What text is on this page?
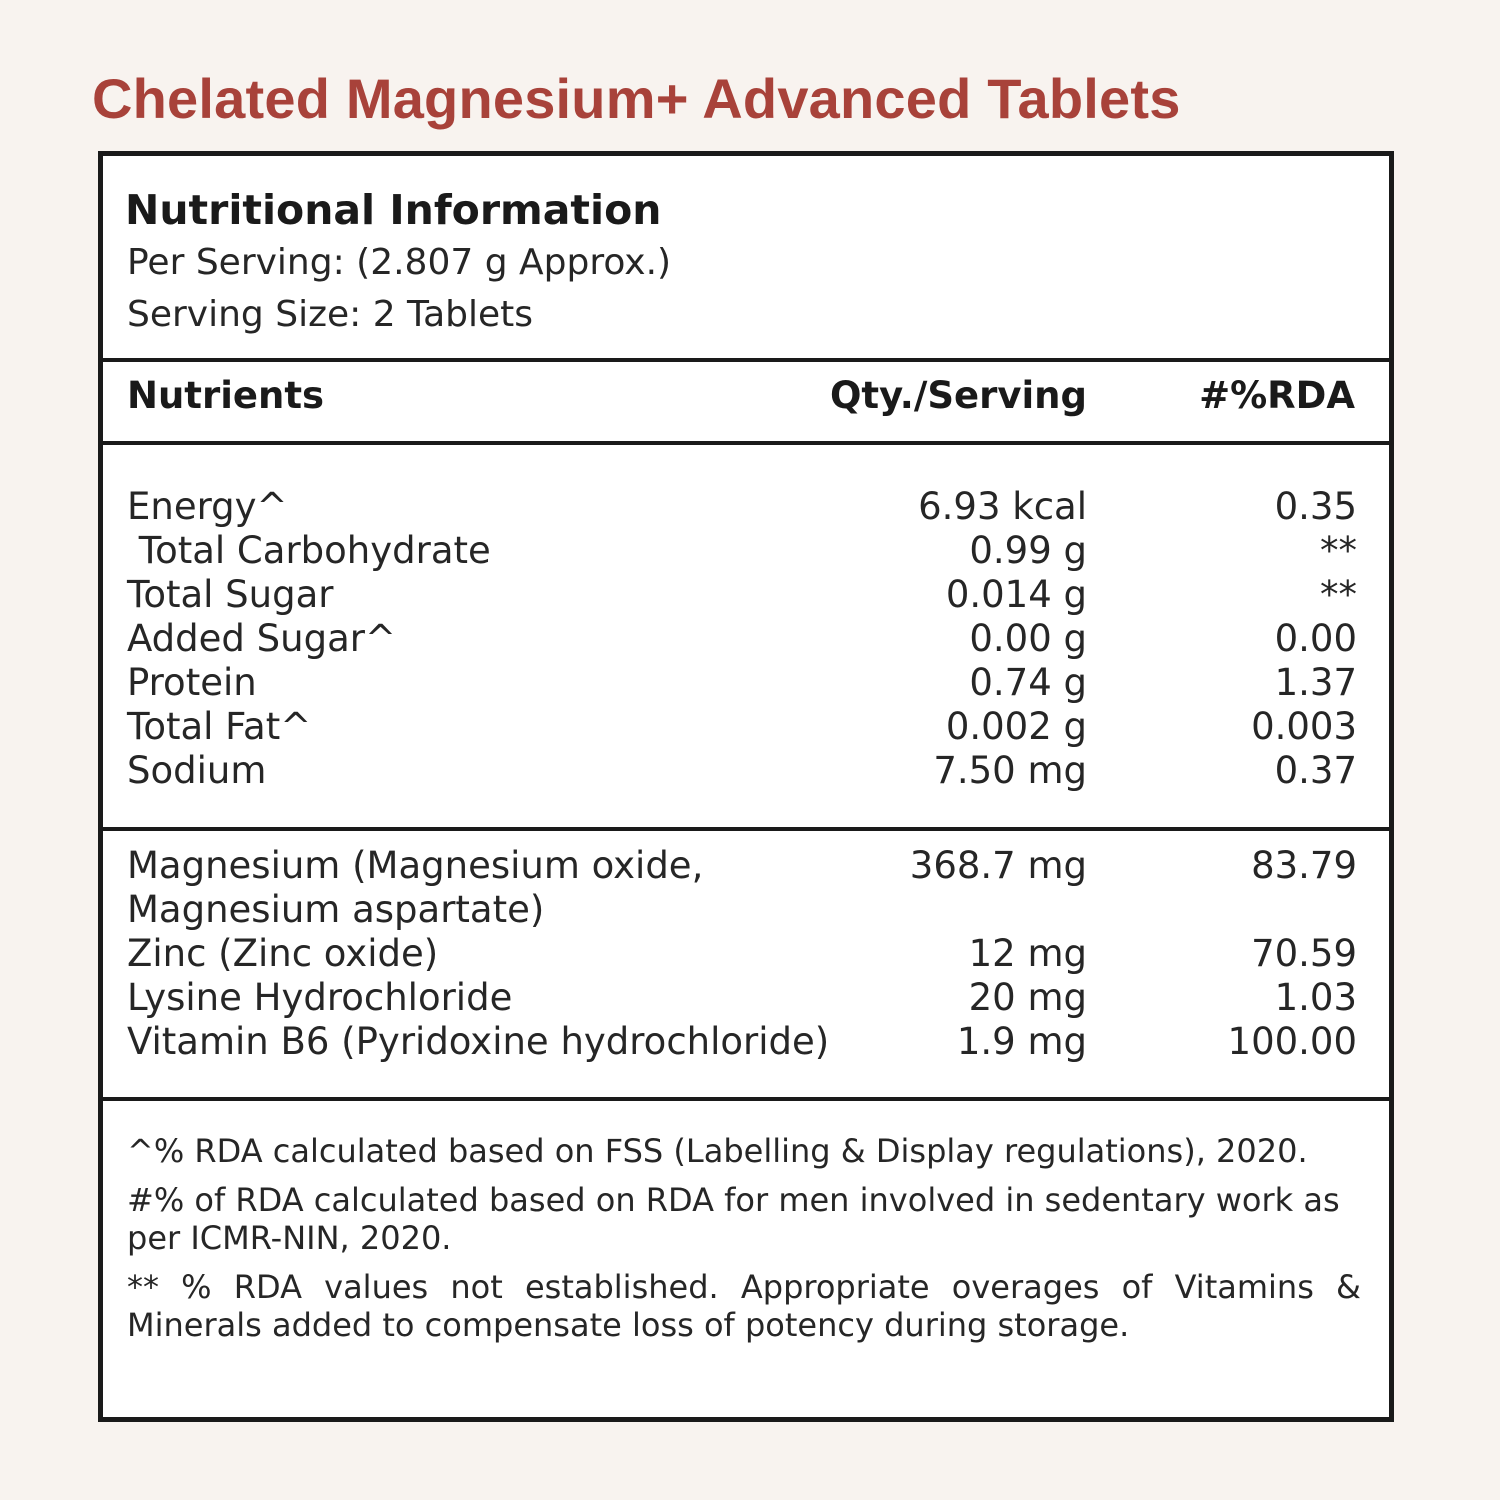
Chelated Magnesium+ Advanced Tablets
Nutritional Information
Per Serving: (2.807 g Approx.)
Serving Size: 2 Tablets
Nutrients	Qty./Serving	#%RDA
Energy^	6.93 kcal	0.35
Total Carbohydrate	0.99 g	**
Total Sugar	0.014 g	**
Added Sugar^	0.00 g	0.00
Protein	0.74 g	1.37
Total Fat^	0.002 g	0.003
Sodium	7.50 mg	0.37
Magnesium (Magnesium oxide,	368.7 mg	83.79
Magnesium aspartate)
Zinc (Zinc oxide)	12 mg	70.59
Lysine Hydrochloride	20 mg	1.03
Vitamin B6 (Pyridoxine hydrochloride)	1.9 mg	100.00
^% RDA calculated based on FSS (Labelling & Display regulations), 2020.
#% of RDA calculated based on RDA for men involved in sedentary work as per ICMR-NIN, 2020.
** % RDA values not established. Appropriate overages of Vitamins & Minerals added to compensate loss of potency during storage.
